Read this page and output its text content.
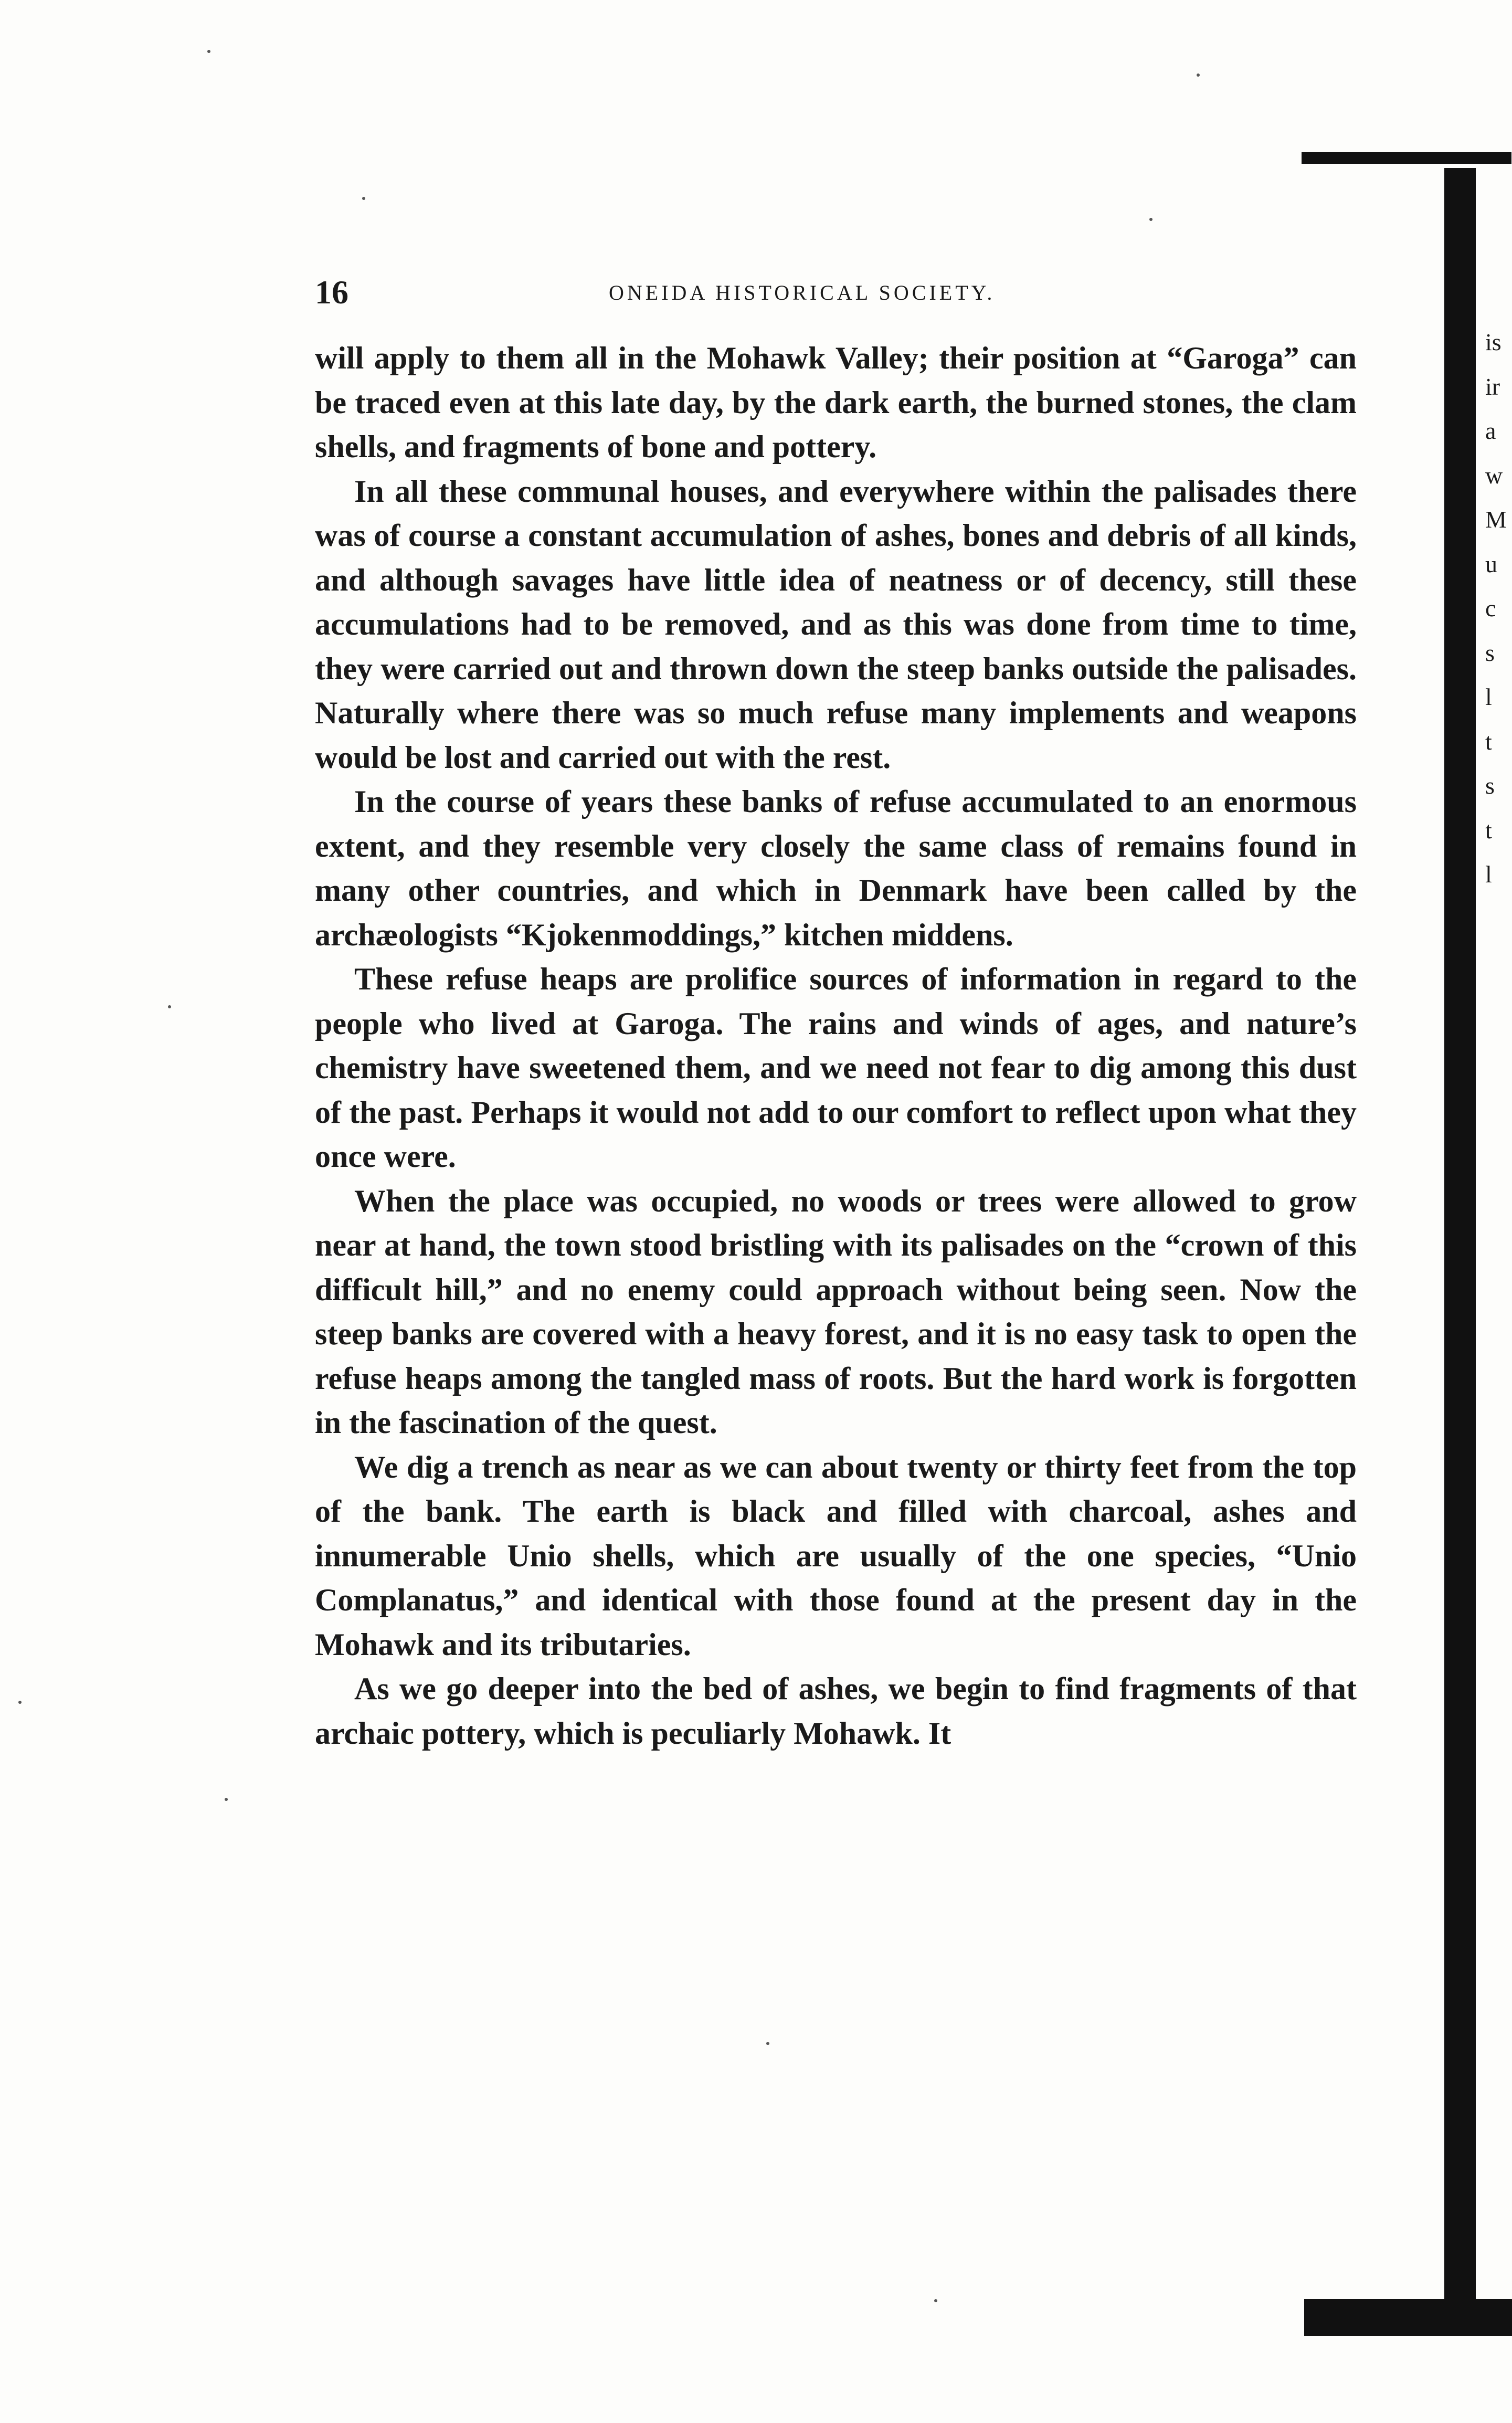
16	ONEIDA HISTORICAL SOCIETY.

will apply to them all in the Mohawk Valley; their position at “Garoga” can be traced even at this late day, by the dark earth, the burned stones, the clam shells, and fragments of bone and pottery.

In all these communal houses, and everywhere within the palisades there was of course a constant accumulation of ashes, bones and debris of all kinds, and although savages have little idea of neatness or of decency, still these accumulations had to be removed, and as this was done from time to time, they were carried out and thrown down the steep banks outside the palisades. Naturally where there was so much refuse many implements and weapons would be lost and carried out with the rest.

In the course of years these banks of refuse accumulated to an enormous extent, and they resemble very closely the same class of remains found in many other countries, and which in Denmark have been called by the archæologists “Kjokenmoddings,” kitchen middens.

These refuse heaps are prolifice sources of information in regard to the people who lived at Garoga. The rains and winds of ages, and nature’s chemistry have sweetened them, and we need not fear to dig among this dust of the past. Perhaps it would not add to our comfort to reflect upon what they once were.

When the place was occupied, no woods or trees were allowed to grow near at hand, the town stood bristling with its palisades on the “crown of this difficult hill,” and no enemy could approach without being seen. Now the steep banks are covered with a heavy forest, and it is no easy task to open the refuse heaps among the tangled mass of roots. But the hard work is forgotten in the fascination of the quest.

We dig a trench as near as we can about twenty or thirty feet from the top of the bank. The earth is black and filled with charcoal, ashes and innumerable Unio shells, which are usually of the one species, “Unio Complanatus,” and identical with those found at the present day in the Mohawk and its tributaries.

As we go deeper into the bed of ashes, we begin to find fragments of that archaic pottery, which is peculiarly Mohawk. It

is
ir
a
w
M
u
c
s
l
t
s
t
l
